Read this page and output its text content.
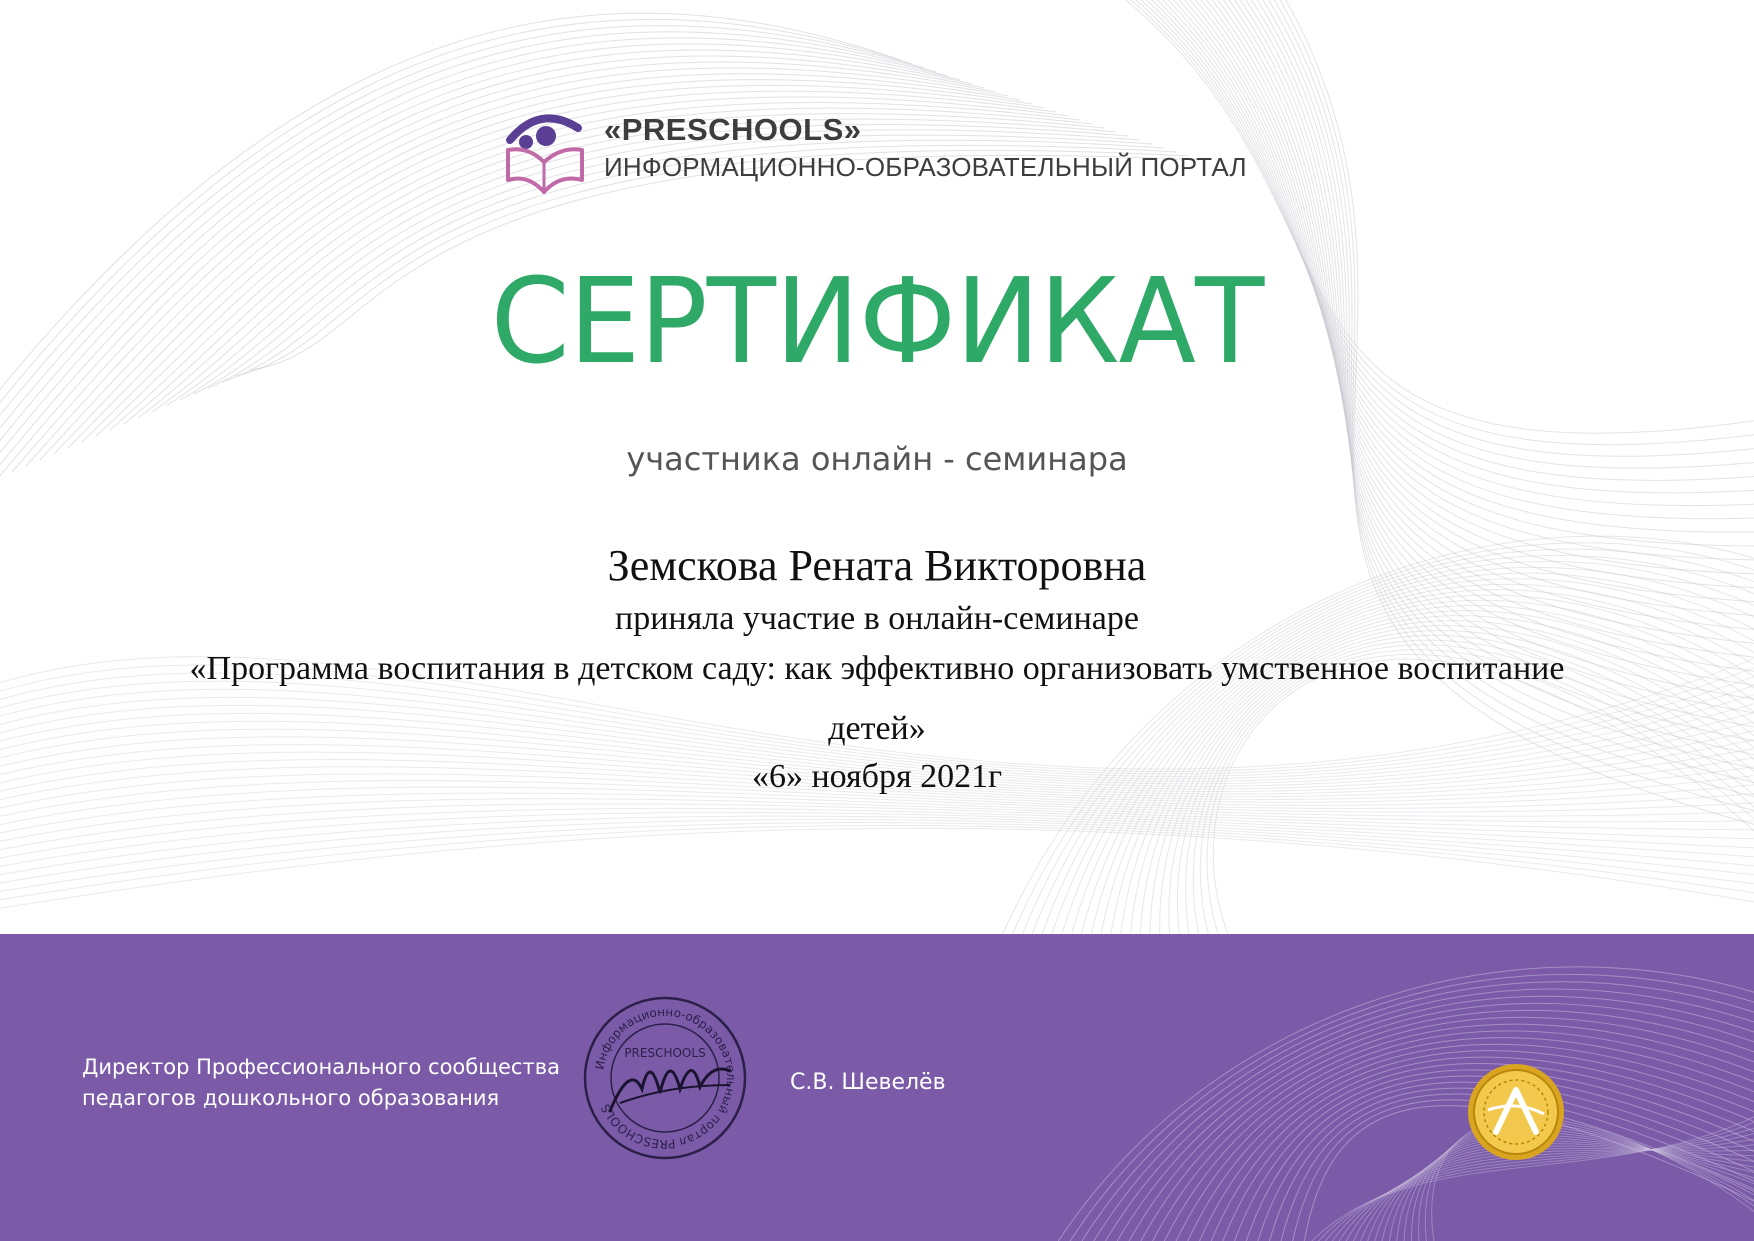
«PRESCHOOLS»
ИНФОРМАЦИОННО-ОБРАЗОВАТЕЛЬНЫЙ ПОРТАЛ
СЕРТИФИКАТ
участника онлайн - семинара
Земскова Рената Викторовна
приняла участие в онлайн-семинаре
«Программа воспитания в детском саду: как эффективно организовать умственное воспитание
детей»
«6» ноября 2021г
Директор Профессионального сообщества
педагогов дошкольного образования
Информационно-образовательный портал PRESCHOOLS
PRESCHOOLS
С.В. Шевелёв
